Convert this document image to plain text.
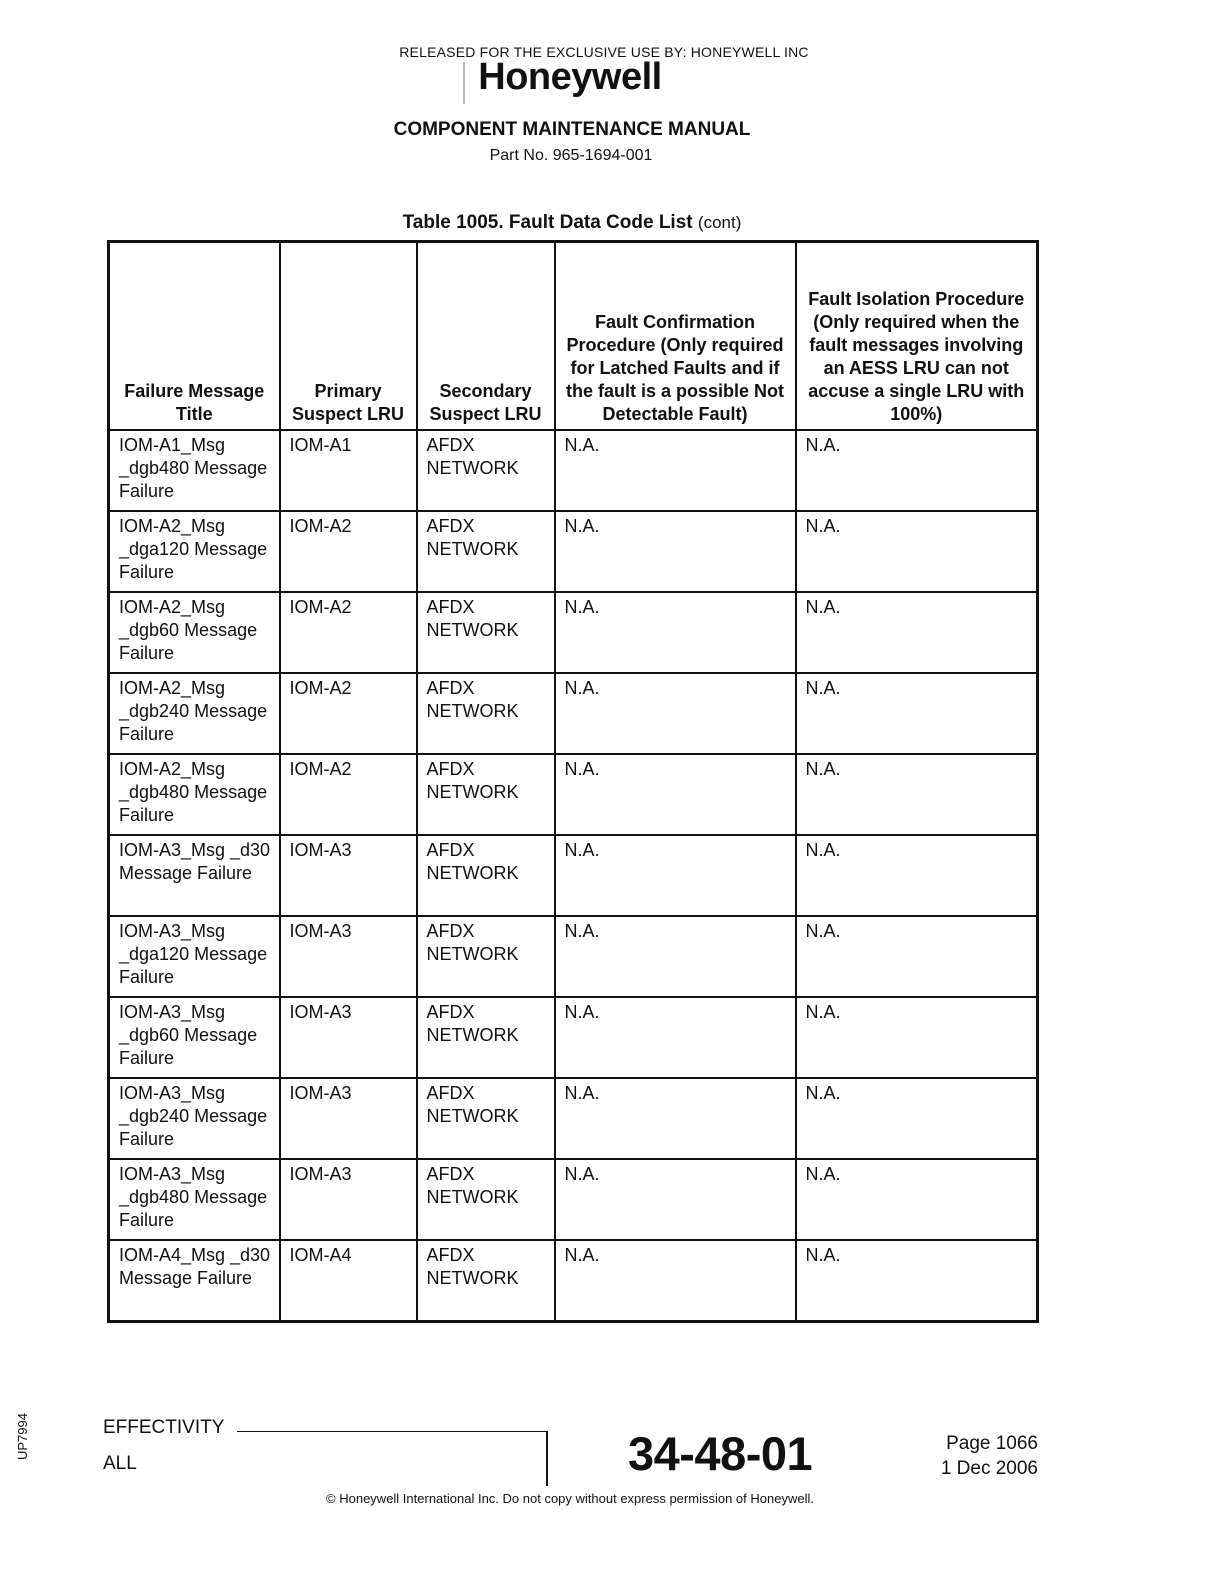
RELEASED FOR THE EXCLUSIVE USE BY: HONEYWELL INC
Honeywell
COMPONENT MAINTENANCE MANUAL
Part No. 965-1694-001
Table 1005. Fault Data Code List (cont)
Failure Message Title	Primary Suspect LRU	Secondary Suspect LRU	Fault Confirmation Procedure (Only required for Latched Faults and if the fault is a possible Not Detectable Fault)	Fault Isolation Procedure (Only required when the fault messages involving an AESS LRU can not accuse a single LRU with 100%)
IOM-A1_Msg _dgb480 Message Failure	IOM-A1	AFDX NETWORK	N.A.	N.A.
IOM-A2_Msg _dga120 Message Failure	IOM-A2	AFDX NETWORK	N.A.	N.A.
IOM-A2_Msg _dgb60 Message Failure	IOM-A2	AFDX NETWORK	N.A.	N.A.
IOM-A2_Msg _dgb240 Message Failure	IOM-A2	AFDX NETWORK	N.A.	N.A.
IOM-A2_Msg _dgb480 Message Failure	IOM-A2	AFDX NETWORK	N.A.	N.A.
IOM-A3_Msg _d30 Message Failure	IOM-A3	AFDX NETWORK	N.A.	N.A.
IOM-A3_Msg _dga120 Message Failure	IOM-A3	AFDX NETWORK	N.A.	N.A.
IOM-A3_Msg _dgb60 Message Failure	IOM-A3	AFDX NETWORK	N.A.	N.A.
IOM-A3_Msg _dgb240 Message Failure	IOM-A3	AFDX NETWORK	N.A.	N.A.
IOM-A3_Msg _dgb480 Message Failure	IOM-A3	AFDX NETWORK	N.A.	N.A.
IOM-A4_Msg _d30 Message Failure	IOM-A4	AFDX NETWORK	N.A.	N.A.
EFFECTIVITY
ALL	34-48-01	Page 1066
1 Dec 2006
© Honeywell International Inc. Do not copy without express permission of Honeywell.
UP7994
